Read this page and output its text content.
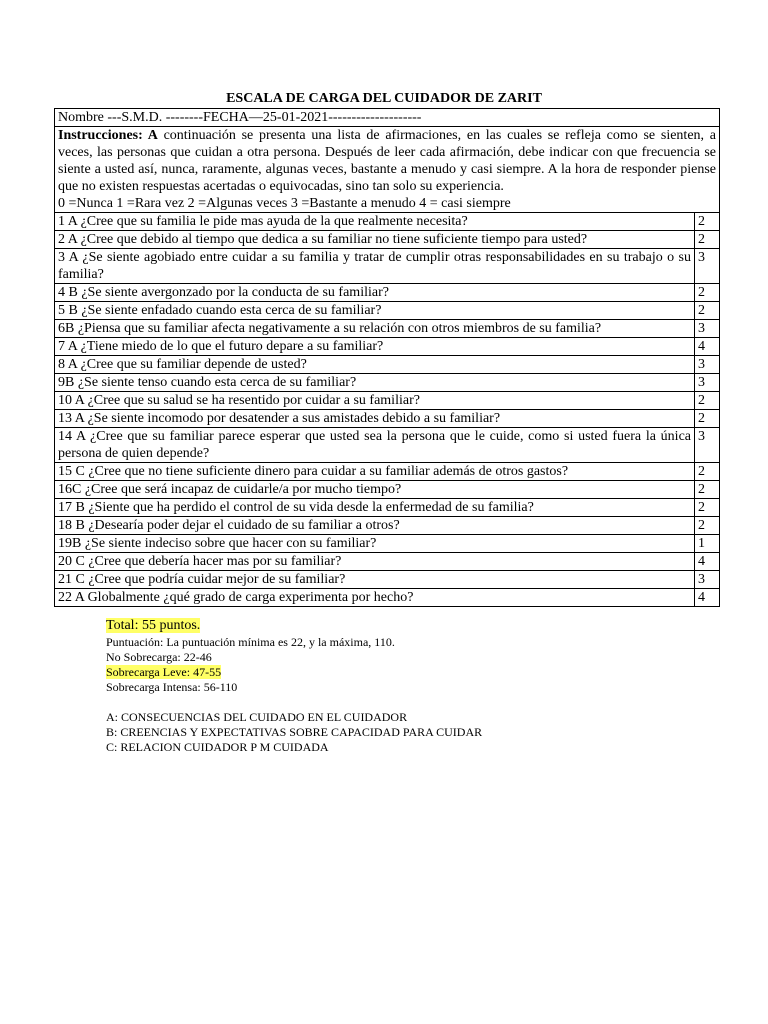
ESCALA DE CARGA DEL CUIDADOR DE ZARIT
Nombre ---S.M.D. --------FECHA—25-01-2021--------------------	
Instrucciones: A continuación se presenta una lista de afirmaciones, en las cuales se refleja como se sienten, a veces, las personas que cuidan a otra persona. Después de leer cada afirmación, debe indicar con que frecuencia se siente a usted así, nunca, raramente, algunas veces, bastante a menudo y casi siempre. A la hora de responder piense que no existen respuestas acertadas o equivocadas, sino tan solo su experiencia.
0 =Nunca 1 =Rara vez 2 =Algunas veces 3 =Bastante a menudo 4 = casi siempre	

1 A ¿Cree que su familia le pide mas ayuda de la que realmente necesita?	2
2 A ¿Cree que debido al tiempo que dedica a su familiar no tiene suficiente tiempo para usted?	2
3 A ¿Se siente agobiado entre cuidar a su familia y tratar de cumplir otras responsabilidades en su trabajo o su familia?	3
4 B ¿Se siente avergonzado por la conducta de su familiar?	2
5 B ¿Se siente enfadado cuando esta cerca de su familiar?	2
6B ¿Piensa que su familiar afecta negativamente a su relación con otros miembros de su familia?	3
7 A ¿Tiene miedo de lo que el futuro depare a su familiar?	4
8 A ¿Cree que su familiar depende de usted?	3
9B ¿Se siente tenso cuando esta cerca de su familiar?	3
10 A ¿Cree que su salud se ha resentido por cuidar a su familiar?	2
13 A ¿Se siente incomodo por desatender a sus amistades debido a su familiar?	2
14 A ¿Cree que su familiar parece esperar que usted sea la persona que le cuide, como si usted fuera la única persona de quien depende?	3
15 C ¿Cree que no tiene suficiente dinero para cuidar a su familiar además de otros gastos?	2
16C ¿Cree que será incapaz de cuidarle/a por mucho tiempo?	2
17 B ¿Siente que ha perdido el control de su vida desde la enfermedad de su familia?	2
18 B ¿Desearía poder dejar el cuidado de su familiar a otros?	2
19B ¿Se siente indeciso sobre que hacer con su familiar?	1
20 C ¿Cree que debería hacer mas por su familiar?	4
21 C ¿Cree que podría cuidar mejor de su familiar?	3
22 A Globalmente ¿qué grado de carga experimenta por hecho?	4
Total: 55 puntos.
Puntuación: La puntuación mínima es 22, y la máxima, 110.
No Sobrecarga: 22-46
Sobrecarga Leve: 47-55
Sobrecarga Intensa: 56-110
A: CONSECUENCIAS DEL CUIDADO EN EL CUIDADOR
B: CREENCIAS Y EXPECTATIVAS SOBRE CAPACIDAD PARA CUIDAR
C: RELACION CUIDADOR P M CUIDADA
